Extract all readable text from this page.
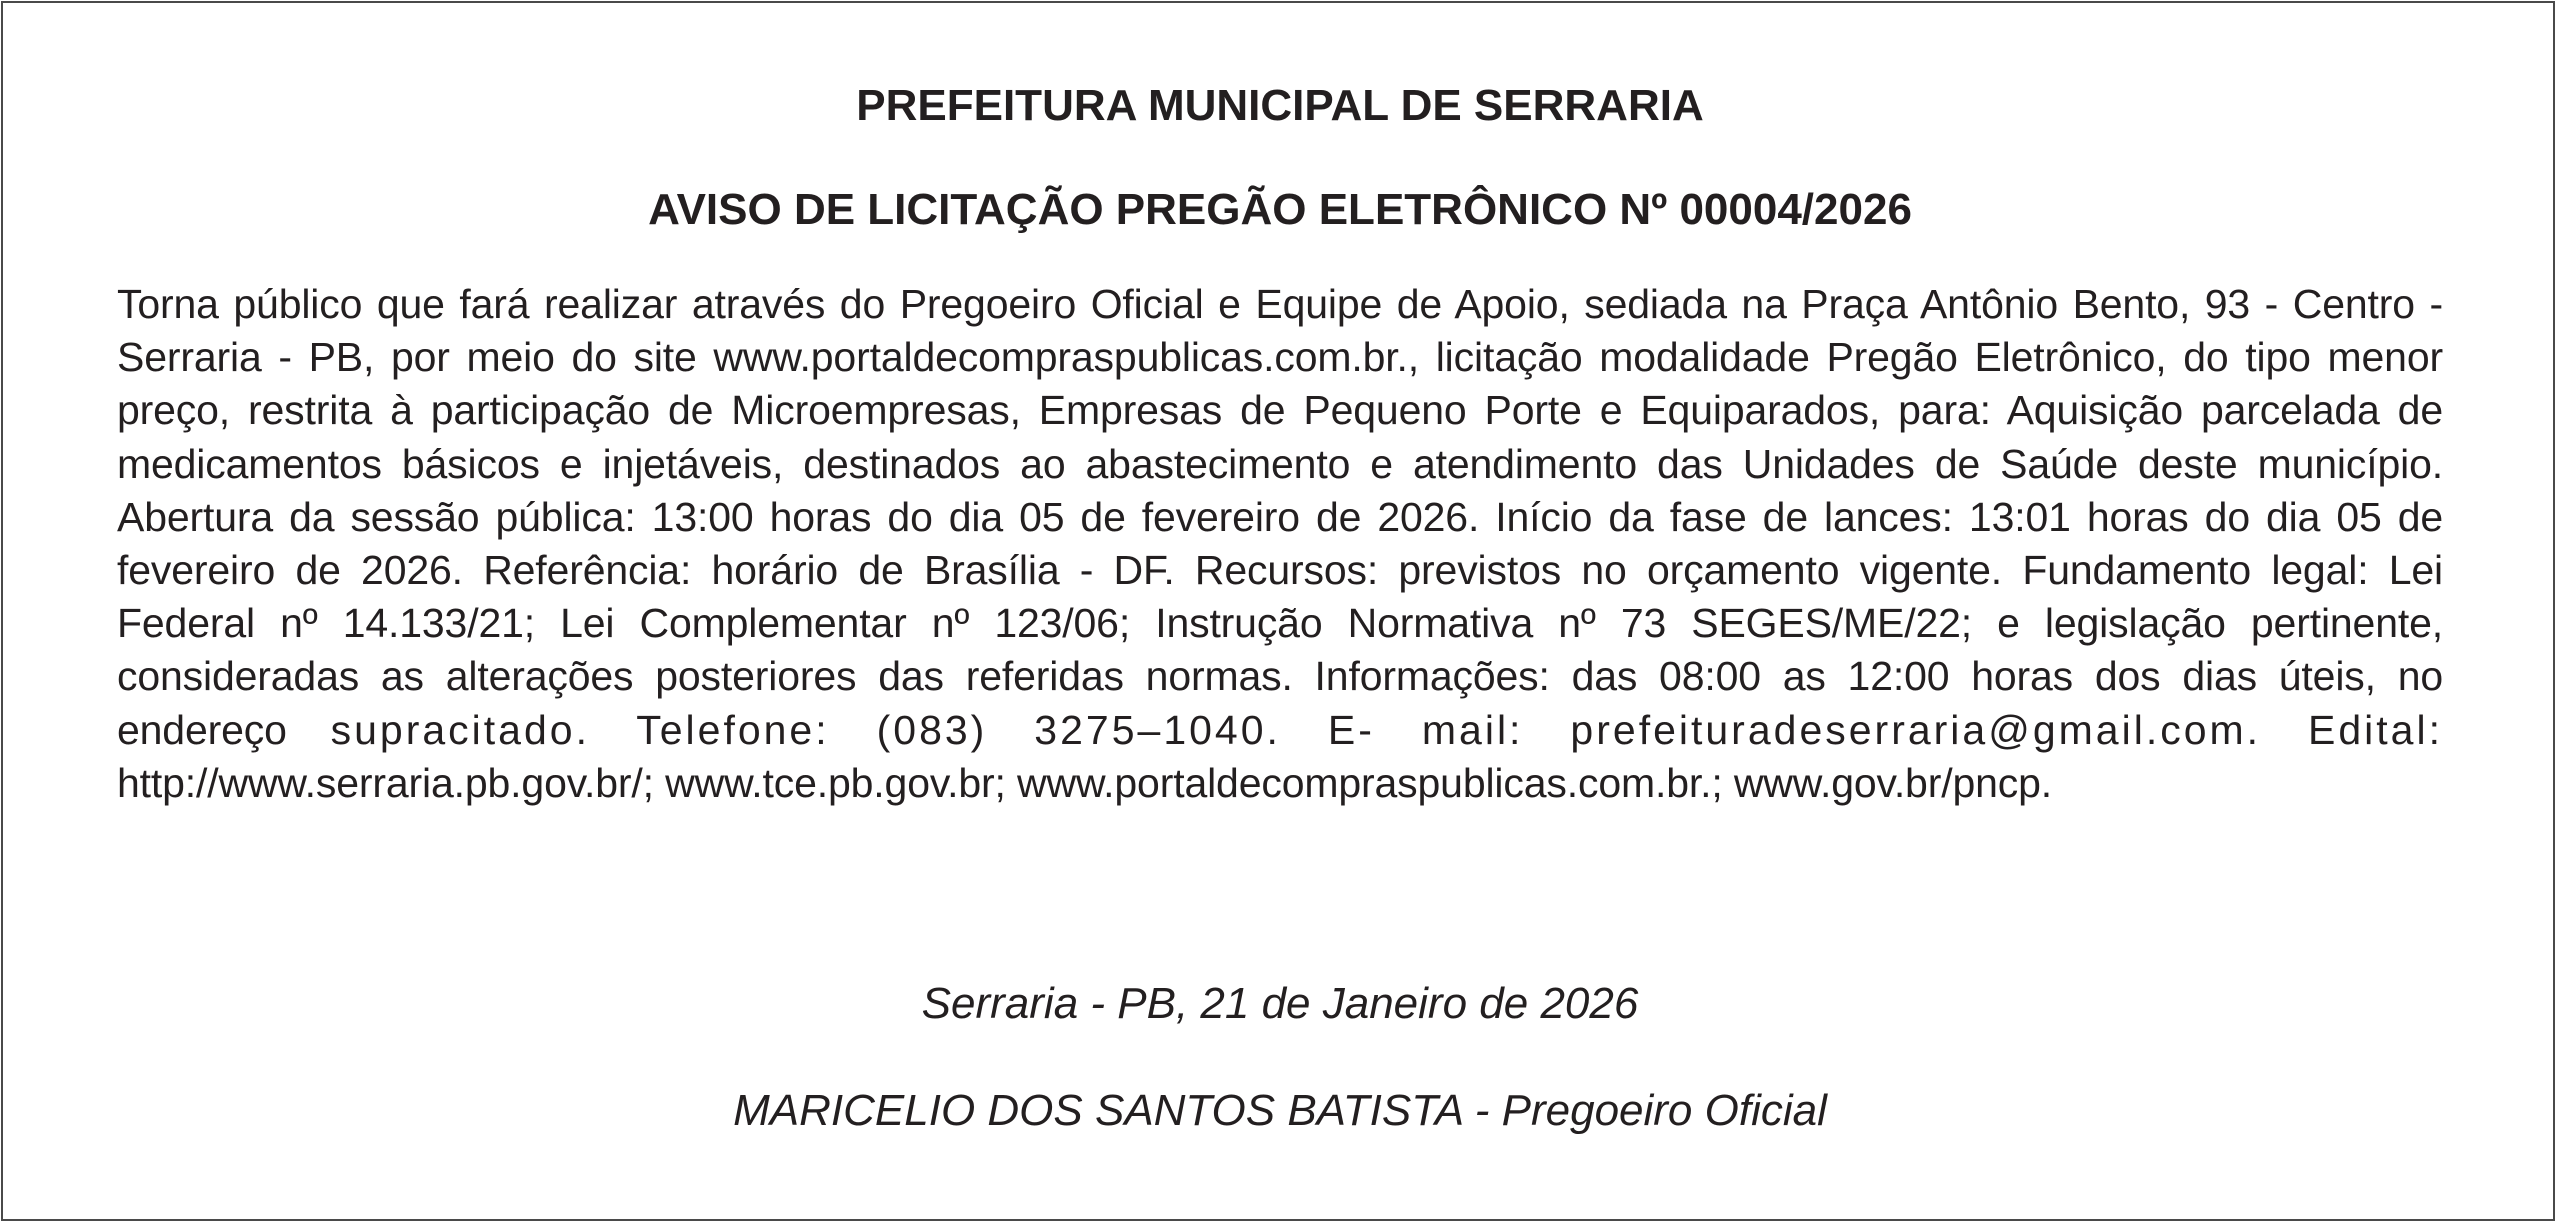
PREFEITURA MUNICIPAL DE SERRARIA

AVISO DE LICITAÇÃO PREGÃO ELETRÔNICO Nº 00004/2026

Torna público que fará realizar através do Pregoeiro Oficial e Equipe de Apoio, sediada na Praça Antônio Bento, 93 - Centro - Serraria - PB, por meio do site www.portaldecompraspublicas.com.br., licitação modalidade Pregão Eletrônico, do tipo menor preço, restrita à participação de Microempresas, Empresas de Pequeno Porte e Equiparados, para: Aquisição parcelada de medicamentos básicos e injetáveis, destinados ao abastecimento e atendimento das Unidades de Saúde deste município. Abertura da sessão pública: 13:00 horas do dia 05 de fevereiro de 2026. Início da fase de lances: 13:01 horas do dia 05 de fevereiro de 2026. Referência: horário de Brasília - DF. Recursos: previstos no orçamento vigente. Fundamento legal: Lei Federal nº 14.133/21; Lei Complementar nº 123/06; Instrução Normativa nº 73 SEGES/ME/22; e legislação pertinente, consideradas as alterações posteriores das referidas normas. Informações: das 08:00 as 12:00 horas dos dias úteis, no endereço supracitado. Telefone: (083) 3275–1040. E- mail: prefeituradeserraria@gmail.com. Edital: http://www.serraria.pb.gov.br/; www.tce.pb.gov.br; www.portaldecompraspublicas.com.br.; www.gov.br/pncp.

Serraria - PB, 21 de Janeiro de 2026

MARICELIO DOS SANTOS BATISTA - Pregoeiro Oficial
